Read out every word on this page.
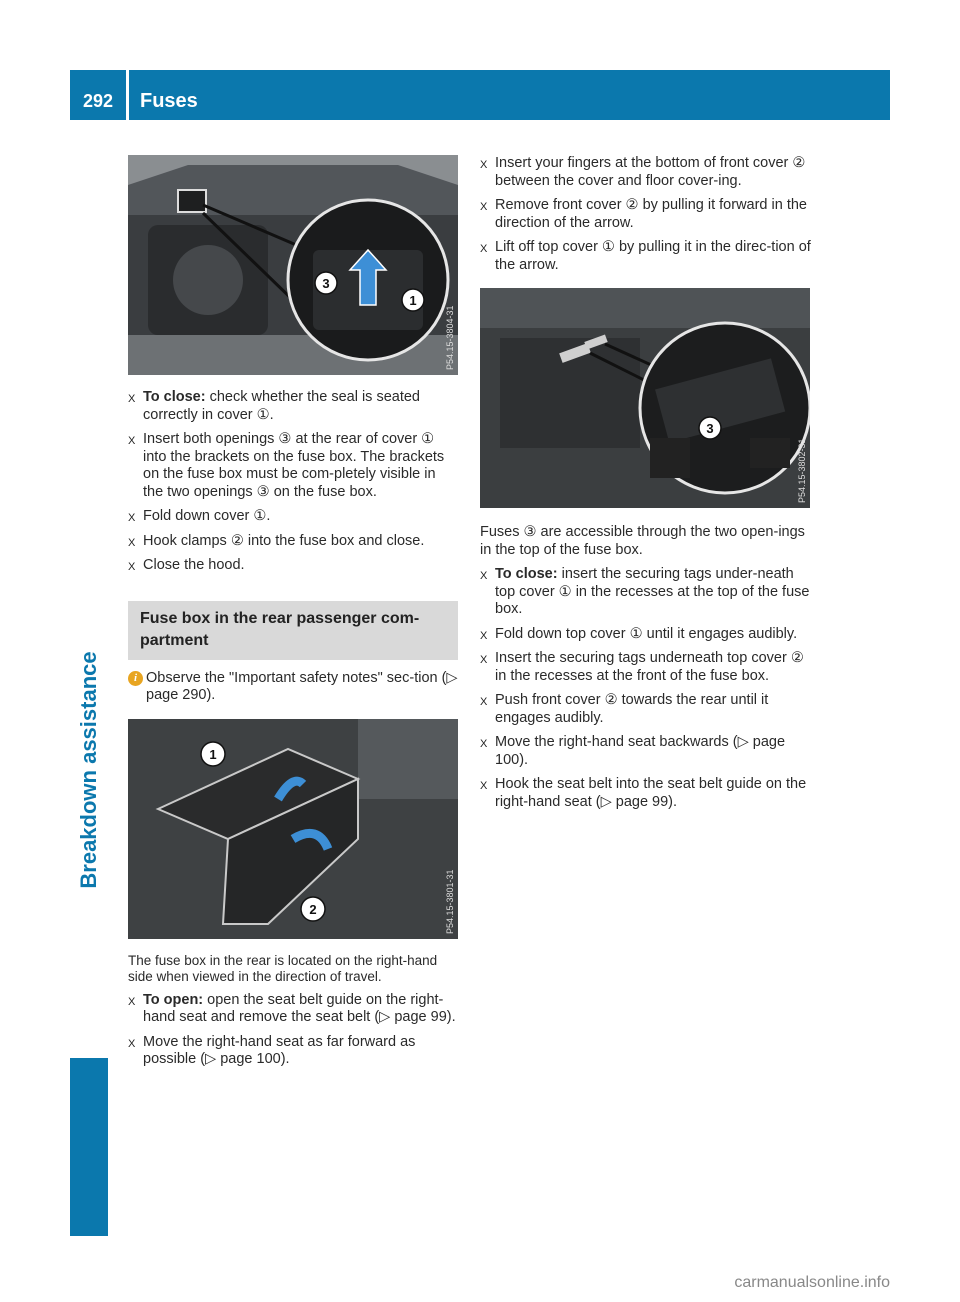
292	Fuses
Breakdown assistance
3
1
P54.15-3804-31
X To close: check whether the seal is seated correctly in cover ①.
X Insert both openings ③ at the rear of cover ① into the brackets on the fuse box. The brackets on the fuse box must be com-pletely visible in the two openings ③ on the fuse box.
X Fold down cover ①.
X Hook clamps ② into the fuse box and close.
X Close the hood.
Fuse box in the rear passenger com-partment
i Observe the "Important safety notes" sec-tion (▷ page 290).
1
2	P54.15-3801-31
The fuse box in the rear is located on the right-hand side when viewed in the direction of travel.
X To open: open the seat belt guide on the right-hand seat and remove the seat belt (▷ page 99).
X Move the right-hand seat as far forward as possible (▷ page 100).
X Insert your fingers at the bottom of front cover ② between the cover and floor cover-ing.
X Remove front cover ② by pulling it forward in the direction of the arrow.
X Lift off top cover ① by pulling it in the direc-tion of the arrow.
3
P54.15-3802-31
Fuses ③ are accessible through the two open-ings in the top of the fuse box.
X To close: insert the securing tags under-neath top cover ① in the recesses at the top of the fuse box.
X Fold down top cover ① until it engages audibly.
X Insert the securing tags underneath top cover ② in the recesses at the front of the fuse box.
X Push front cover ② towards the rear until it engages audibly.
X Move the right-hand seat backwards (▷ page 100).
X Hook the seat belt into the seat belt guide on the right-hand seat (▷ page 99).
carmanualsonline.info
